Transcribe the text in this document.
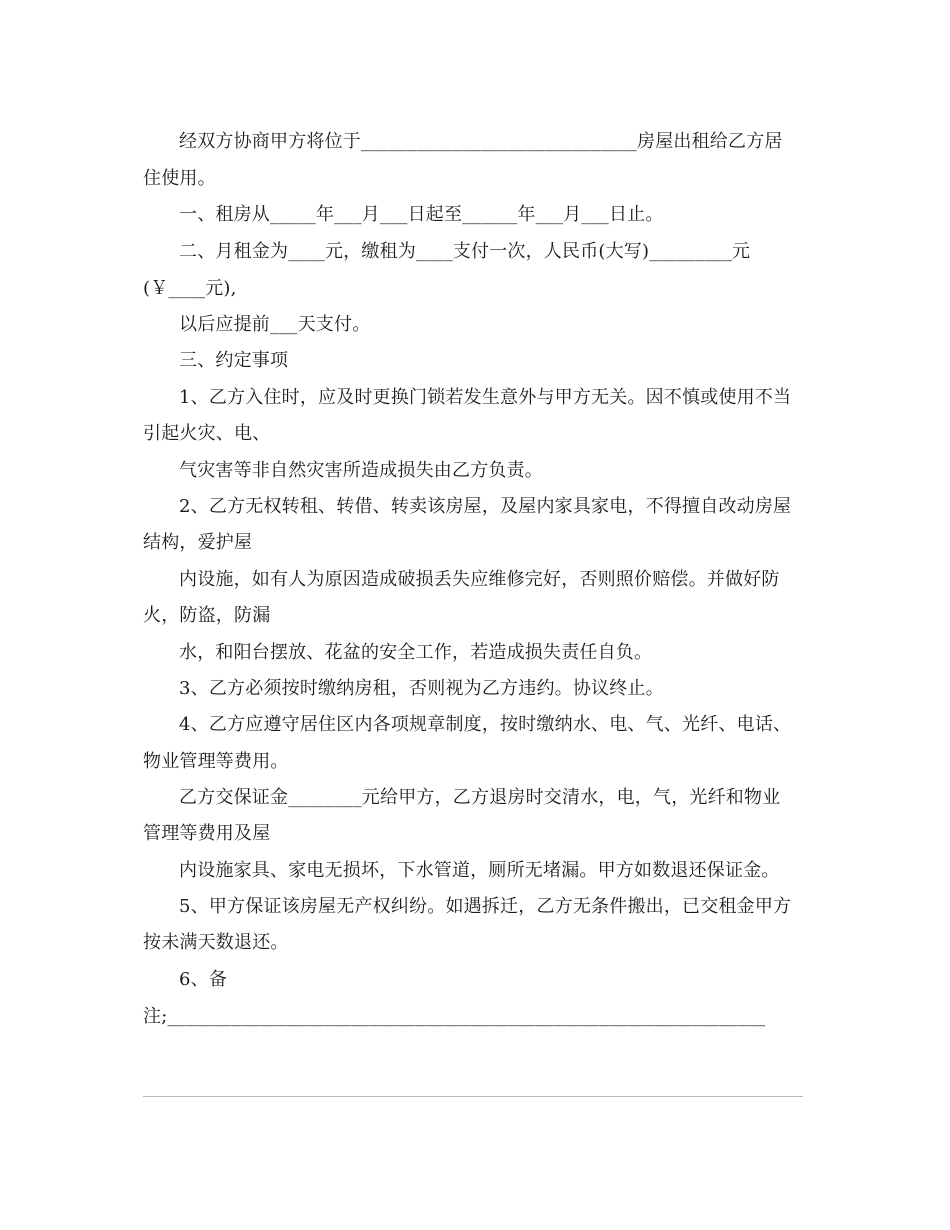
经双方协商甲方将位于______________________________房屋出租给乙方居
住使用。
一、租房从_____年___月___日起至______年___月___日止。
二、月租金为____元，缴租为____支付一次，人民币(大写)_________元
(￥____元),
以后应提前___天支付。
三、约定事项
1、乙方入住时，应及时更换门锁若发生意外与甲方无关。因不慎或使用不当
引起火灾、电、
气灾害等非自然灾害所造成损失由乙方负责。
2、乙方无权转租、转借、转卖该房屋，及屋内家具家电，不得擅自改动房屋
结构，爱护屋
内设施，如有人为原因造成破损丢失应维修完好，否则照价赔偿。并做好防
火，防盗，防漏
水，和阳台摆放、花盆的安全工作，若造成损失责任自负。
3、乙方必须按时缴纳房租，否则视为乙方违约。协议终止。
4、乙方应遵守居住区内各项规章制度，按时缴纳水、电、气、光纤、电话、
物业管理等费用。
乙方交保证金________元给甲方，乙方退房时交清水，电，气，光纤和物业
管理等费用及屋
内设施家具、家电无损坏，下水管道，厕所无堵漏。甲方如数退还保证金。
5、甲方保证该房屋无产权纠纷。如遇拆迁，乙方无条件搬出，已交租金甲方
按未满天数退还。
6、备
注;_________________________________________________________________
